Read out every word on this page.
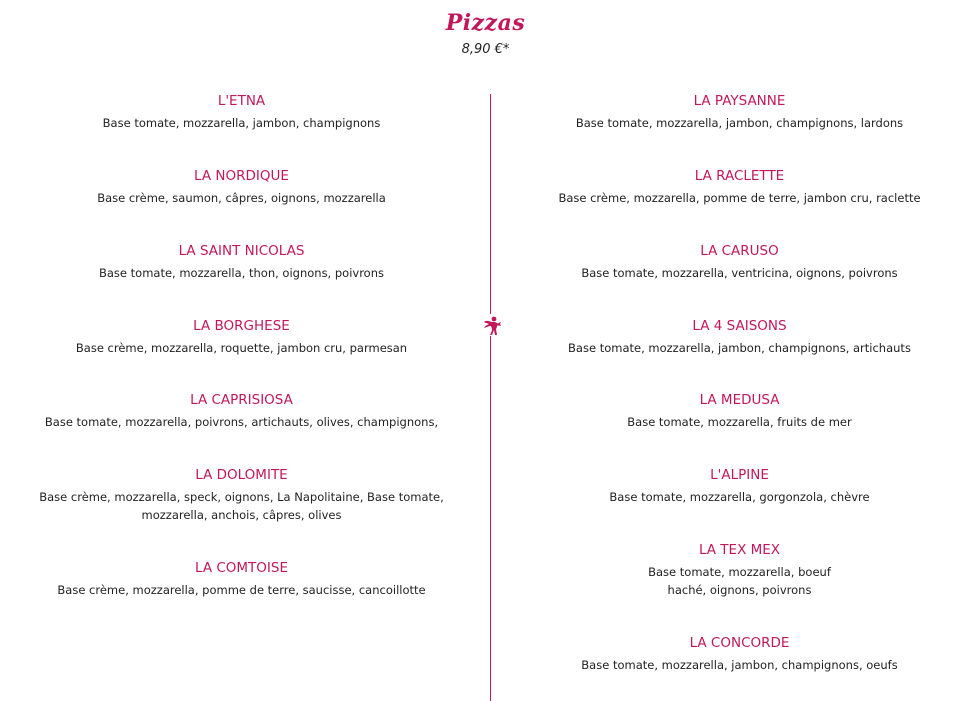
Pizzas
8,90 €*
L'ETNA
Base tomate, mozzarella, jambon, champignons
LA NORDIQUE
Base crème, saumon, câpres, oignons, mozzarella
LA SAINT NICOLAS
Base tomate, mozzarella, thon, oignons, poivrons
LA BORGHESE
Base crème, mozzarella, roquette, jambon cru, parmesan
LA CAPRISIOSA
Base tomate, mozzarella, poivrons, artichauts, olives, champignons,
LA DOLOMITE
Base crème, mozzarella, speck, oignons, La Napolitaine, Base tomate, mozzarella, anchois, câpres, olives
LA COMTOISE
Base crème, mozzarella, pomme de terre, saucisse, cancoillotte
LA PAYSANNE
Base tomate, mozzarella, jambon, champignons, lardons
LA RACLETTE
Base crème, mozzarella, pomme de terre, jambon cru, raclette
LA CARUSO
Base tomate, mozzarella, ventricina, oignons, poivrons
LA 4 SAISONS
Base tomate, mozzarella, jambon, champignons, artichauts
LA MEDUSA
Base tomate, mozzarella, fruits de mer
L'ALPINE
Base tomate, mozzarella, gorgonzola, chèvre
LA TEX MEX
Base tomate, mozzarella, boeuf haché, oignons, poivrons
LA CONCORDE
Base tomate, mozzarella, jambon, champignons, oeufs
